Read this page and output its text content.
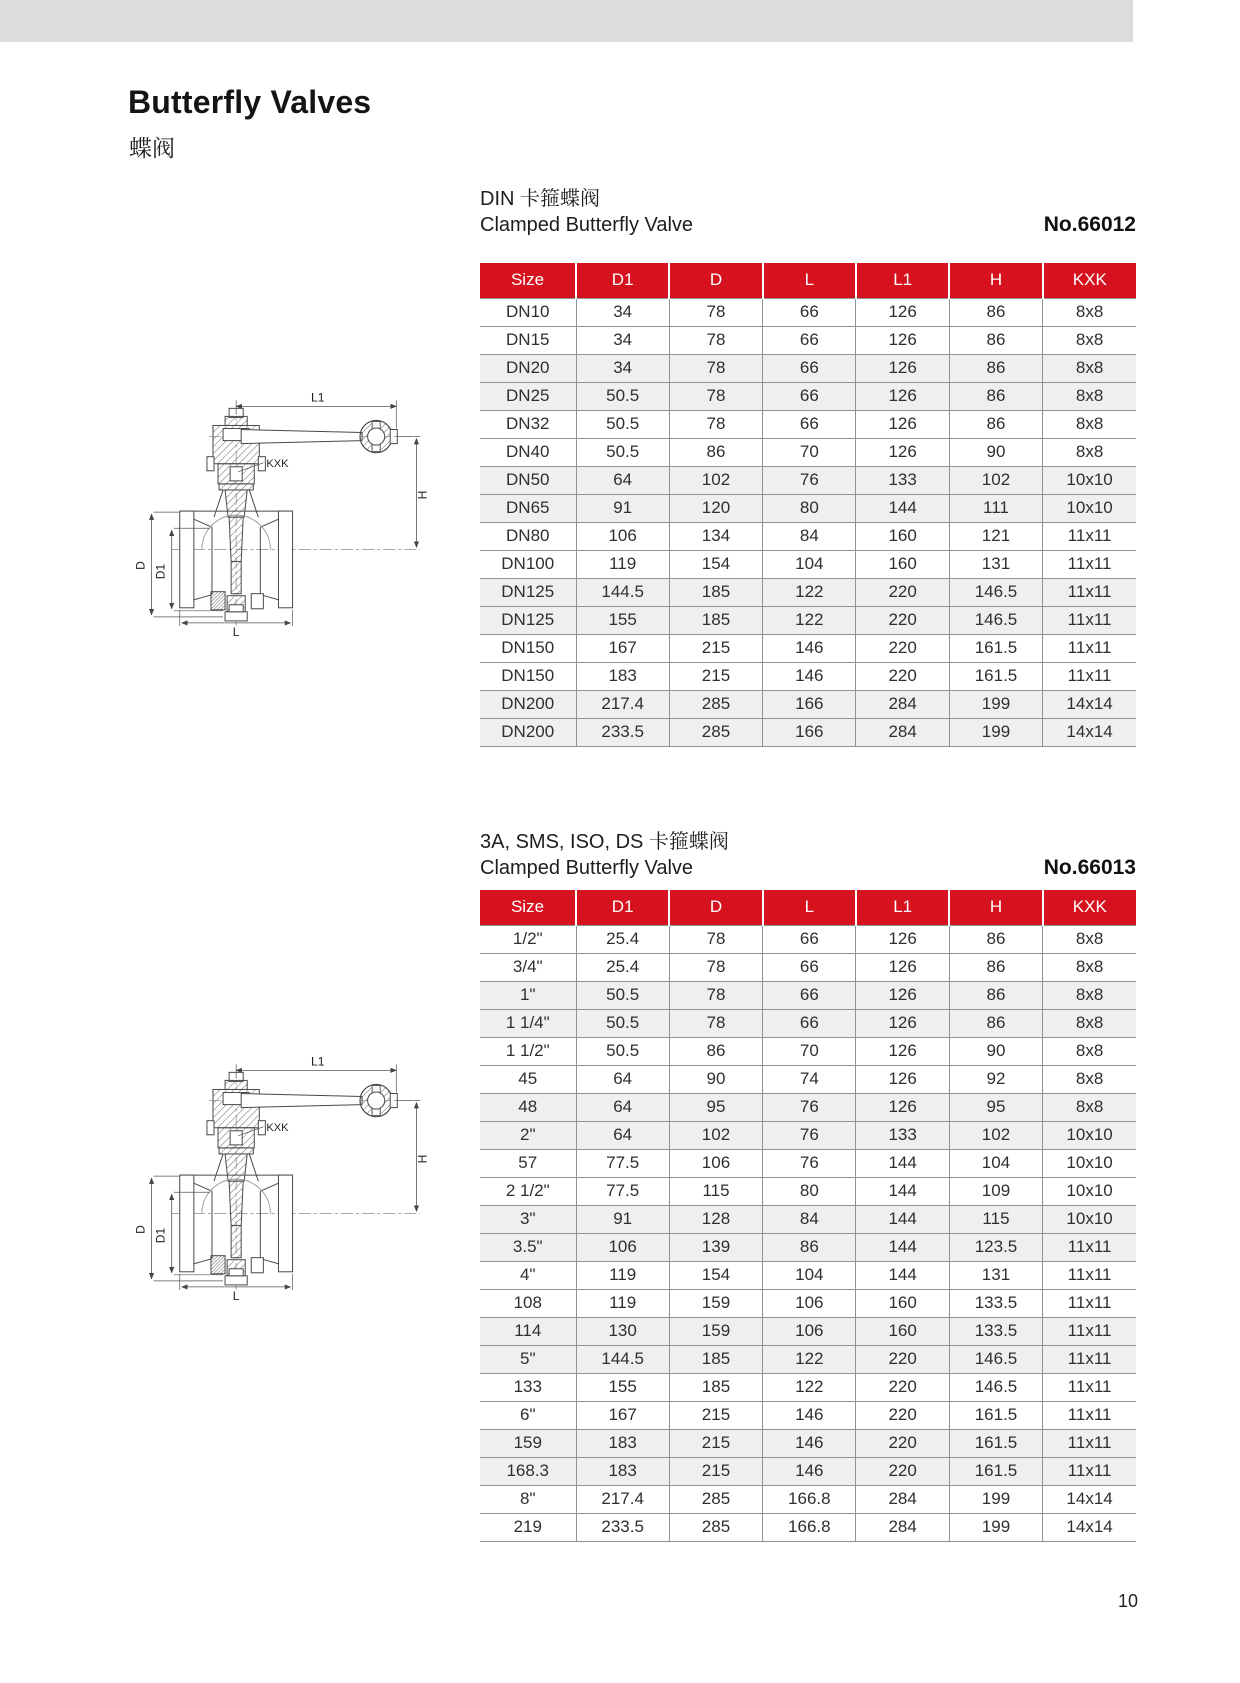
Butterfly Valves
蝶阀
DIN 卡箍蝶阀
Clamped Butterfly Valve	No.66012
Size	D1	D	L	L1	H	KXK
DN10	34	78	66	126	86	8x8
DN15	34	78	66	126	86	8x8
DN20	34	78	66	126	86	8x8
DN25	50.5	78	66	126	86	8x8
DN32	50.5	78	66	126	86	8x8
DN40	50.5	86	70	126	90	8x8
DN50	64	102	76	133	102	10x10
DN65	91	120	80	144	111	10x10
DN80	106	134	84	160	121	11x11
DN100	119	154	104	160	131	11x11
DN125	144.5	185	122	220	146.5	11x11
DN125	155	185	122	220	146.5	11x11
DN150	167	215	146	220	161.5	11x11
DN150	183	215	146	220	161.5	11x11
DN200	217.4	285	166	284	199	14x14
DN200	233.5	285	166	284	199	14x14
3A, SMS, ISO, DS 卡箍蝶阀
Clamped Butterfly Valve	No.66013
Size	D1	D	L	L1	H	KXK
1/2"	25.4	78	66	126	86	8x8
3/4"	25.4	78	66	126	86	8x8
1"	50.5	78	66	126	86	8x8
1 1/4"	50.5	78	66	126	86	8x8
1 1/2"	50.5	86	70	126	90	8x8
45	64	90	74	126	92	8x8
48	64	95	76	126	95	8x8
2"	64	102	76	133	102	10x10
57	77.5	106	76	144	104	10x10
2 1/2"	77.5	115	80	144	109	10x10
3"	91	128	84	144	115	10x10
3.5"	106	139	86	144	123.5	11x11
4"	119	154	104	144	131	11x11
108	119	159	106	160	133.5	11x11
114	130	159	106	160	133.5	11x11
5"	144.5	185	122	220	146.5	11x11
133	155	185	122	220	146.5	11x11
6"	167	215	146	220	161.5	11x11
159	183	215	146	220	161.5	11x11
168.3	183	215	146	220	161.5	11x11
8"	217.4	285	166.8	284	199	14x14
219	233.5	285	166.8	284	199	14x14
L1
H
KXK
D D1
L
10
